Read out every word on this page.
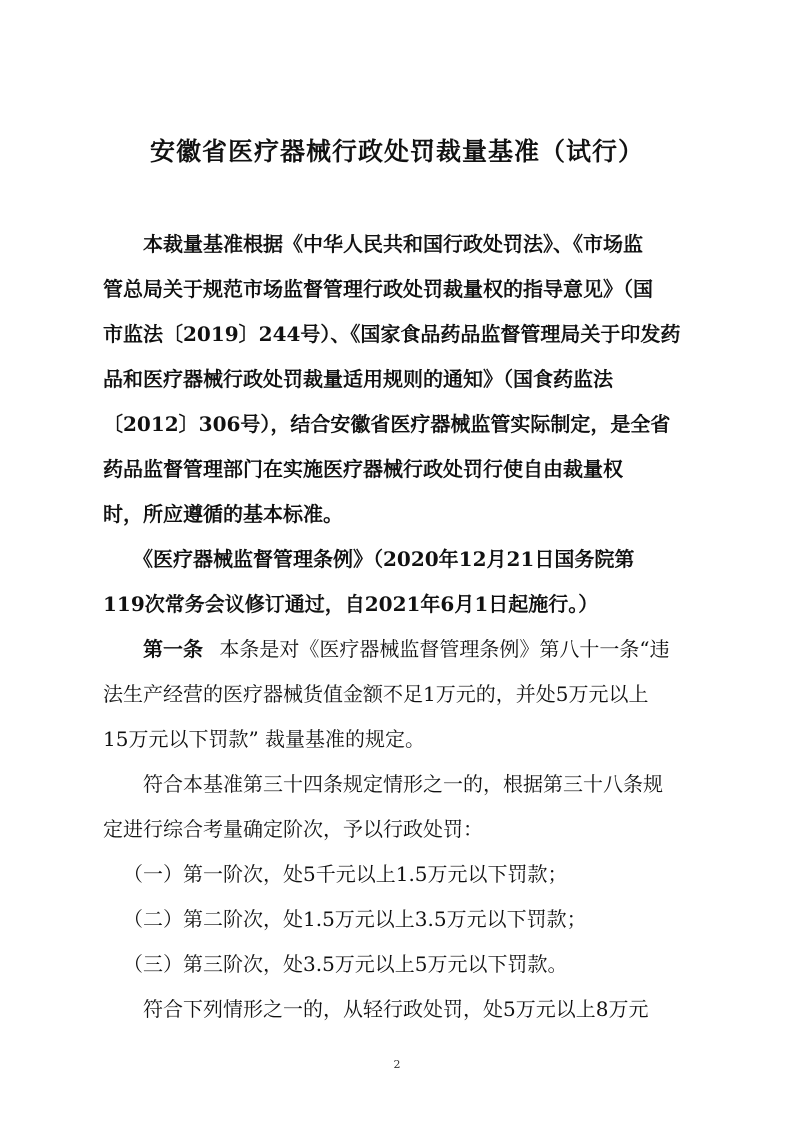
安徽省医疗器械行政处罚裁量基准（试行）
本裁量基准根据《中华人民共和国行政处罚法》、《市场监
管总局关于规范市场监督管理行政处罚裁量权的指导意见》（国
市监法〔2019〕244号）、《国家食品药品监督管理局关于印发药
品和医疗器械行政处罚裁量适用规则的通知》（国食药监法
〔2012〕306号），结合安徽省医疗器械监管实际制定，是全省
药品监督管理部门在实施医疗器械行政处罚行使自由裁量权
时，所应遵循的基本标准。
《医疗器械监督管理条例》（2020年12月21日国务院第
119次常务会议修订通过，自2021年6月1日起施行。）
第一条 本条是对《医疗器械监督管理条例》第八十一条“违
法生产经营的医疗器械货值金额不足1万元的，并处5万元以上
15万元以下罚款” 裁量基准的规定。
符合本基准第三十四条规定情形之一的，根据第三十八条规
定进行综合考量确定阶次，予以行政处罚：
（一）第一阶次，处5千元以上1.5万元以下罚款；
（二）第二阶次，处1.5万元以上3.5万元以下罚款；
（三）第三阶次，处3.5万元以上5万元以下罚款。
符合下列情形之一的，从轻行政处罚，处5万元以上8万元
2
